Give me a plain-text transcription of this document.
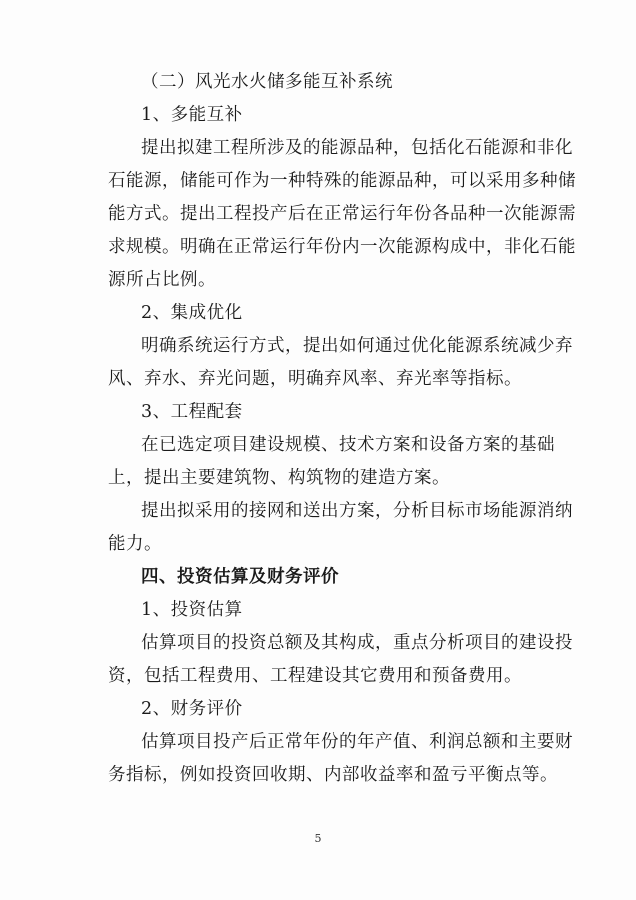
（二）风光水火储多能互补系统
1、多能互补
提出拟建工程所涉及的能源品种，包括化石能源和非化
石能源，储能可作为一种特殊的能源品种，可以采用多种储
能方式。提出工程投产后在正常运行年份各品种一次能源需
求规模。明确在正常运行年份内一次能源构成中，非化石能
源所占比例。
2、集成优化
明确系统运行方式，提出如何通过优化能源系统减少弃
风、弃水、弃光问题，明确弃风率、弃光率等指标。
3、工程配套
在已选定项目建设规模、技术方案和设备方案的基础
上，提出主要建筑物、构筑物的建造方案。
提出拟采用的接网和送出方案，分析目标市场能源消纳
能力。
四、投资估算及财务评价
1、投资估算
估算项目的投资总额及其构成，重点分析项目的建设投
资，包括工程费用、工程建设其它费用和预备费用。
2、财务评价
估算项目投产后正常年份的年产值、利润总额和主要财
务指标，例如投资回收期、内部收益率和盈亏平衡点等。
5
